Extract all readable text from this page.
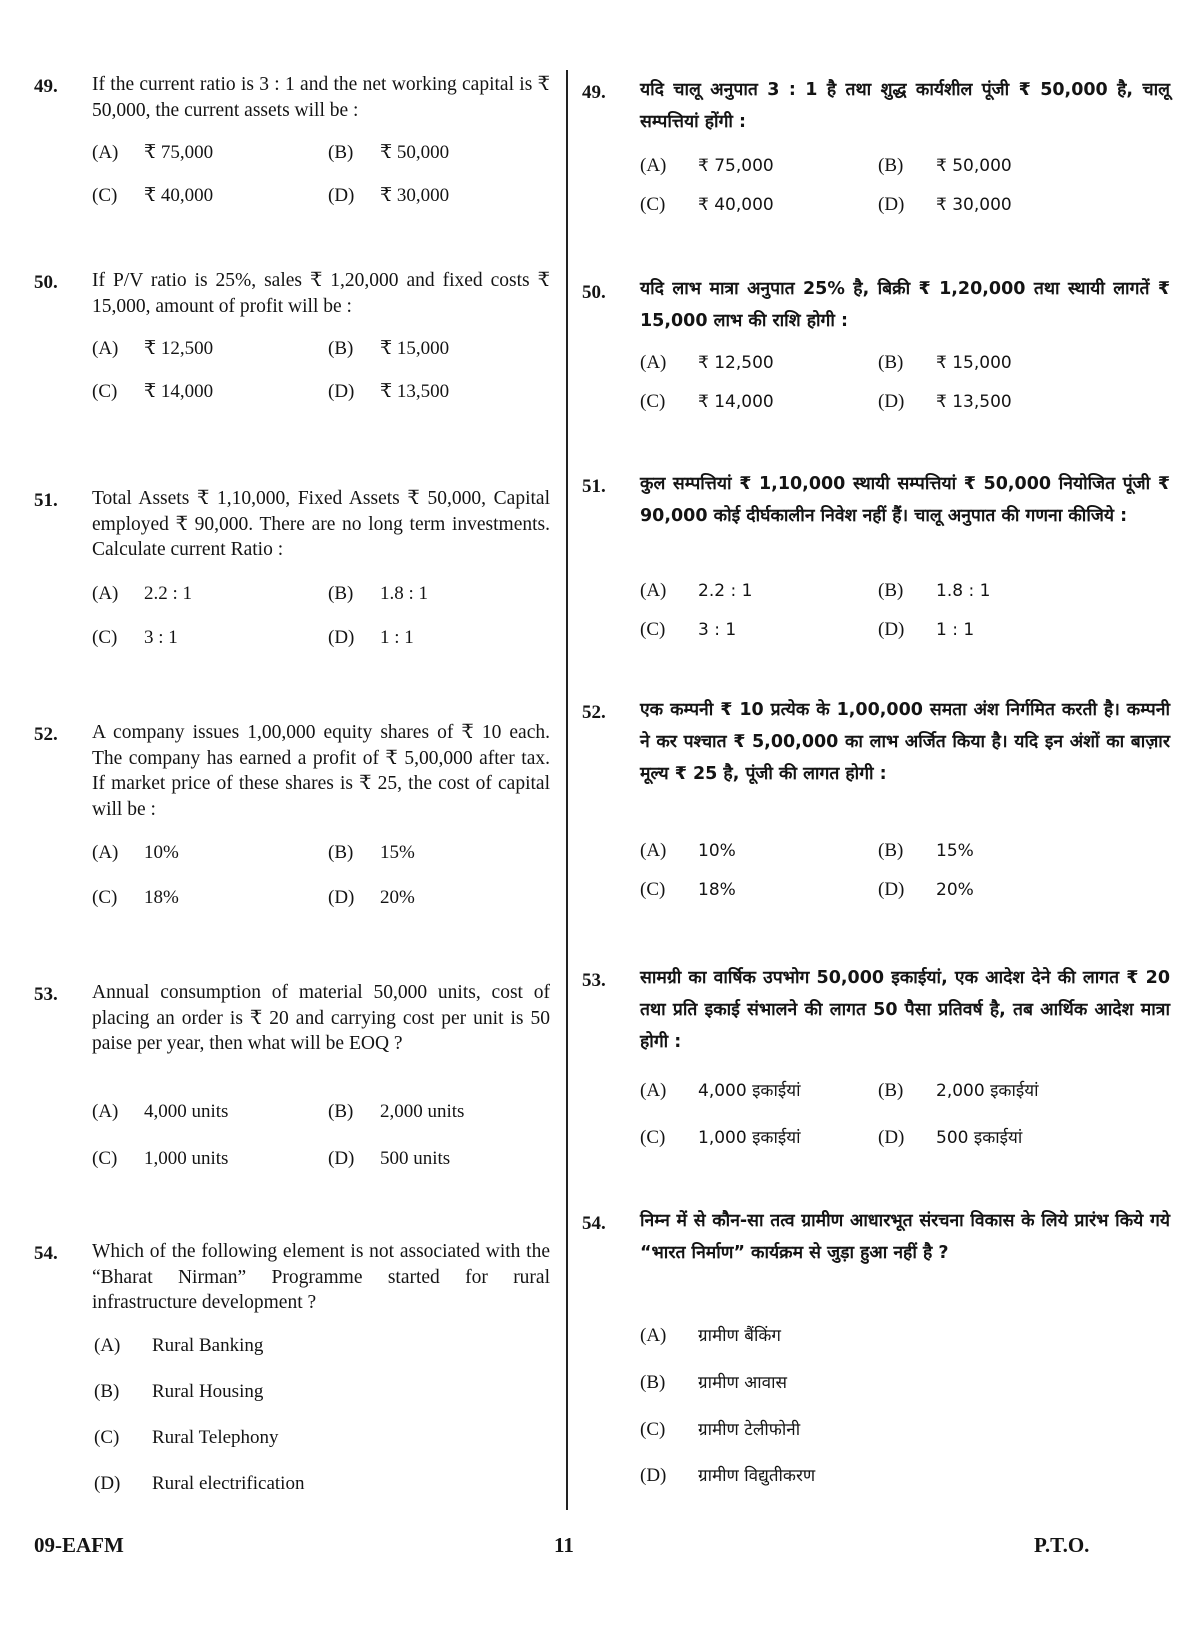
49. If the current ratio is 3 : 1 and the net working capital is ₹ 50,000, the current assets will be :
(A) ₹ 75,000	(B) ₹ 50,000
(C) ₹ 40,000	(D) ₹ 30,000
50. If P/V ratio is 25%, sales ₹ 1,20,000 and fixed costs ₹ 15,000, amount of profit will be :
(A) ₹ 12,500	(B) ₹ 15,000
(C) ₹ 14,000	(D) ₹ 13,500
51. Total Assets ₹ 1,10,000, Fixed Assets ₹ 50,000, Capital employed ₹ 90,000. There are no long term investments. Calculate current Ratio :
(A) 2.2 : 1	(B) 1.8 : 1
(C) 3 : 1	(D) 1 : 1
52. A company issues 1,00,000 equity shares of ₹ 10 each. The company has earned a profit of ₹ 5,00,000 after tax. If market price of these shares is ₹ 25, the cost of capital will be :
(A) 10%	(B) 15%
(C) 18%	(D) 20%
53. Annual consumption of material 50,000 units, cost of placing an order is ₹ 20 and carrying cost per unit is 50 paise per year, then what will be EOQ ?
(A) 4,000 units	(B) 2,000 units
(C) 1,000 units	(D) 500 units
54. Which of the following element is not associated with the “Bharat Nirman” Programme started for rural infrastructure development ?
(A) Rural Banking
(B) Rural Housing
(C) Rural Telephony
(D) Rural electrification
49. यदि चालू अनुपात 3 : 1 है तथा शुद्ध कार्यशील पूंजी ₹ 50,000 है, चालू सम्पत्तियां होंगी :
(A) ₹ 75,000	(B) ₹ 50,000
(C) ₹ 40,000	(D) ₹ 30,000
50. यदि लाभ मात्रा अनुपात 25% है, बिक्री ₹ 1,20,000 तथा स्थायी लागतें ₹ 15,000 लाभ की राशि होगी :
(A) ₹ 12,500	(B) ₹ 15,000
(C) ₹ 14,000	(D) ₹ 13,500
51. कुल सम्पत्तियां ₹ 1,10,000 स्थायी सम्पत्तियां ₹ 50,000 नियोजित पूंजी ₹ 90,000 कोई दीर्घकालीन निवेश नहीं हैं। चालू अनुपात की गणना कीजिये :
(A) 2.2 : 1	(B) 1.8 : 1
(C) 3 : 1	(D) 1 : 1
52. एक कम्पनी ₹ 10 प्रत्येक के 1,00,000 समता अंश निर्गमित करती है। कम्पनी ने कर पश्चात ₹ 5,00,000 का लाभ अर्जित किया है। यदि इन अंशों का बाज़ार मूल्य ₹ 25 है, पूंजी की लागत होगी :
(A) 10%	(B) 15%
(C) 18%	(D) 20%
53. सामग्री का वार्षिक उपभोग 50,000 इकाईयां, एक आदेश देने की लागत ₹ 20 तथा प्रति इकाई संभालने की लागत 50 पैसा प्रतिवर्ष है, तब आर्थिक आदेश मात्रा होगी :
(A) 4,000 इकाईयां	(B) 2,000 इकाईयां
(C) 1,000 इकाईयां	(D) 500 इकाईयां
54. निम्न में से कौन-सा तत्व ग्रामीण आधारभूत संरचना विकास के लिये प्रारंभ किये गये “भारत निर्माण” कार्यक्रम से जुड़ा हुआ नहीं है ?
(A) ग्रामीण बैंकिंग
(B) ग्रामीण आवास
(C) ग्रामीण टेलीफोनी
(D) ग्रामीण विद्युतीकरण
09-EAFM	11	P.T.O.
